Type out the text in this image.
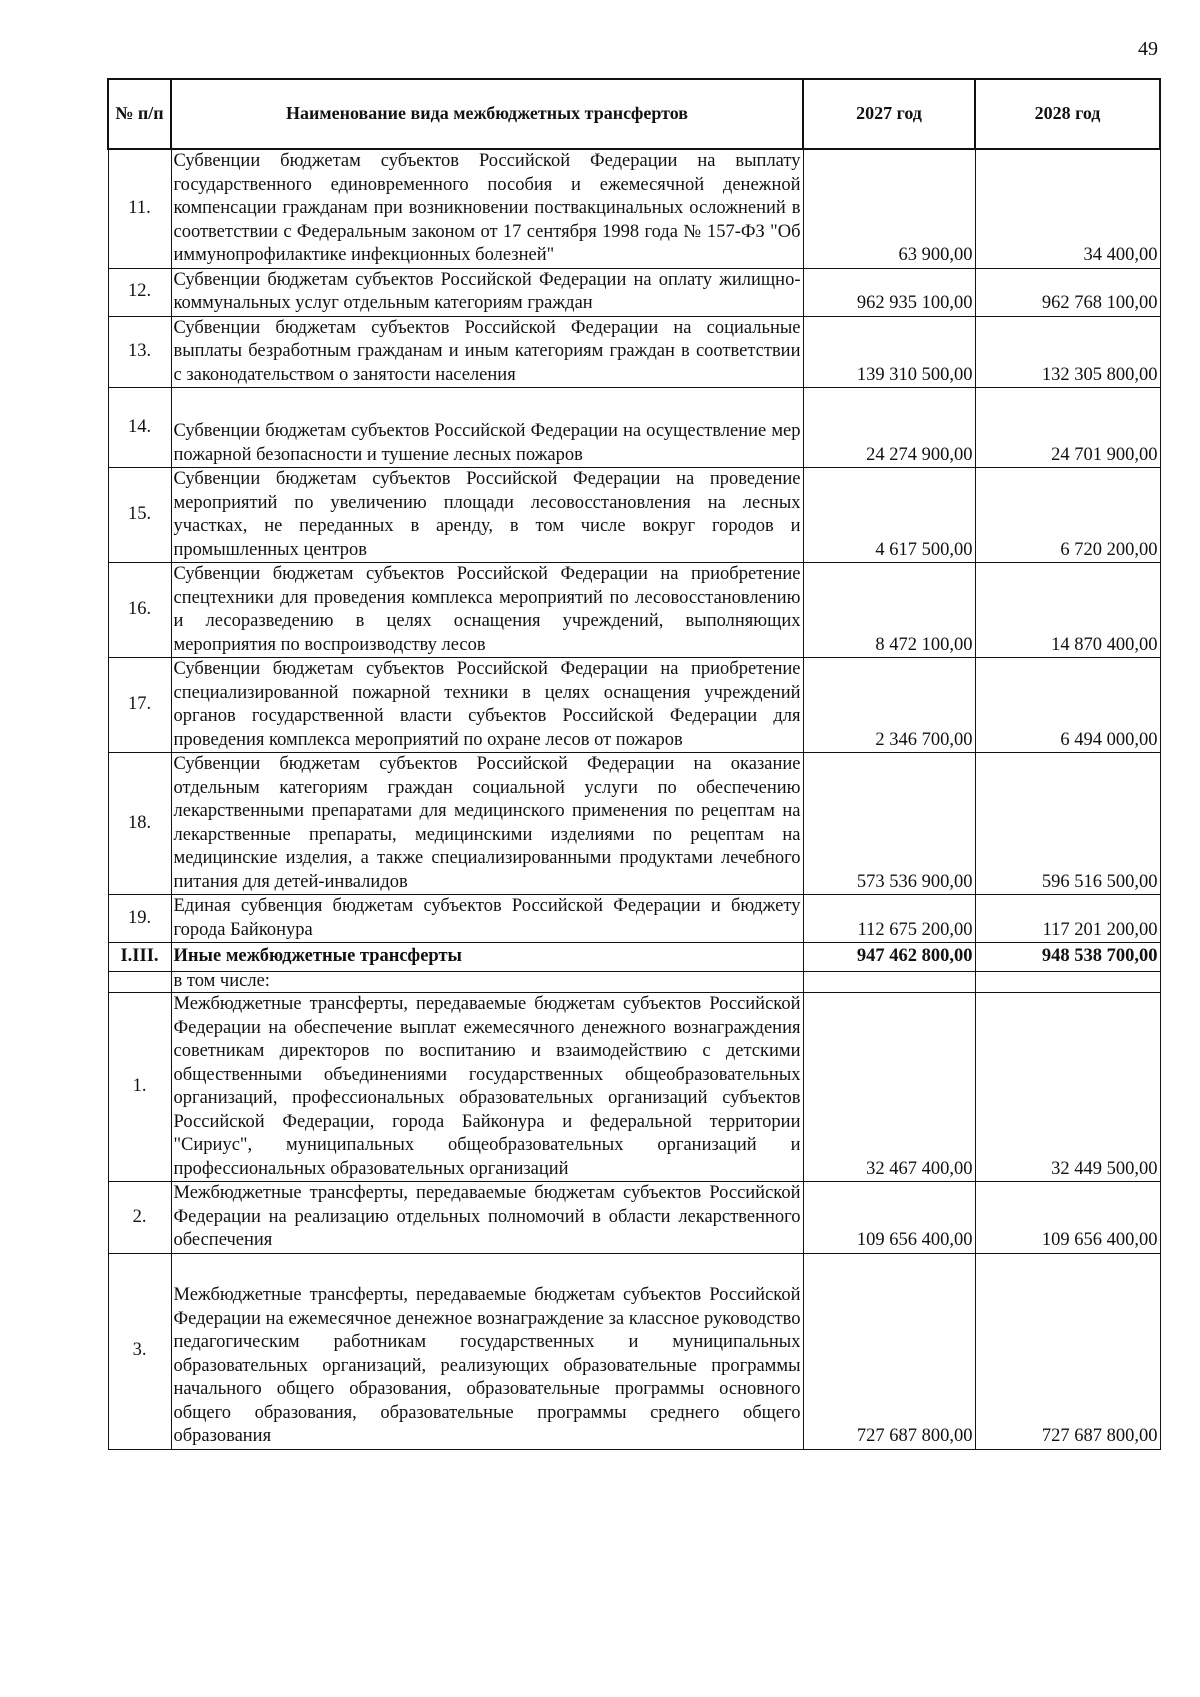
49
№ п/п	Наименование вида межбюджетных трансфертов	2027 год	2028 год
11.	Субвенции бюджетам субъектов Российской Федерации на выплату государственного единовременного пособия и ежемесячной денежной компенсации гражданам при возникновении поствакцинальных осложнений в соответствии с Федеральным законом от 17 сентября 1998 года № 157-ФЗ "Об иммунопрофилактике инфекционных болезней"	63 900,00	34 400,00
12.	Субвенции бюджетам субъектов Российской Федерации на оплату жилищно-коммунальных услуг отдельным категориям граждан	962 935 100,00	962 768 100,00
13.	Субвенции бюджетам субъектов Российской Федерации на социальные выплаты безработным гражданам и иным категориям граждан в соответствии с законодательством о занятости населения	139 310 500,00	132 305 800,00
14.	Субвенции бюджетам субъектов Российской Федерации на осуществление мер пожарной безопасности и тушение лесных пожаров	24 274 900,00	24 701 900,00
15.	Субвенции бюджетам субъектов Российской Федерации на проведение мероприятий по увеличению площади лесовосстановления на лесных участках, не переданных в аренду, в том числе вокруг городов и промышленных центров	4 617 500,00	6 720 200,00
16.	Субвенции бюджетам субъектов Российской Федерации на приобретение спецтехники для проведения комплекса мероприятий по лесовосстановлению и лесоразведению в целях оснащения учреждений, выполняющих мероприятия по воспроизводству лесов	8 472 100,00	14 870 400,00
17.	Субвенции бюджетам субъектов Российской Федерации на приобретение специализированной пожарной техники в целях оснащения учреждений органов государственной власти субъектов Российской Федерации для проведения комплекса мероприятий по охране лесов от пожаров	2 346 700,00	6 494 000,00
18.	Субвенции бюджетам субъектов Российской Федерации на оказание отдельным категориям граждан социальной услуги по обеспечению лекарственными препаратами для медицинского применения по рецептам на лекарственные препараты, медицинскими изделиями по рецептам на медицинские изделия, а также специализированными продуктами лечебного питания для детей-инвалидов	573 536 900,00	596 516 500,00
19.	Единая субвенция бюджетам субъектов Российской Федерации и бюджету города Байконура	112 675 200,00	117 201 200,00
I.III.	Иные межбюджетные трансферты	947 462 800,00	948 538 700,00
	в том числе:		
1.	Межбюджетные трансферты, передаваемые бюджетам субъектов Российской Федерации на обеспечение выплат ежемесячного денежного вознаграждения советникам директоров по воспитанию и взаимодействию с детскими общественными объединениями государственных общеобразовательных организаций, профессиональных образовательных организаций субъектов Российской Федерации, города Байконура и федеральной территории "Сириус", муниципальных общеобразовательных организаций и профессиональных образовательных организаций	32 467 400,00	32 449 500,00
2.	Межбюджетные трансферты, передаваемые бюджетам субъектов Российской Федерации на реализацию отдельных полномочий в области лекарственного обеспечения	109 656 400,00	109 656 400,00
3.	Межбюджетные трансферты, передаваемые бюджетам субъектов Российской Федерации на ежемесячное денежное вознаграждение за классное руководство педагогическим работникам государственных и муниципальных образовательных организаций, реализующих образовательные программы начального общего образования, образовательные программы основного общего образования, образовательные программы среднего общего образования	727 687 800,00	727 687 800,00
